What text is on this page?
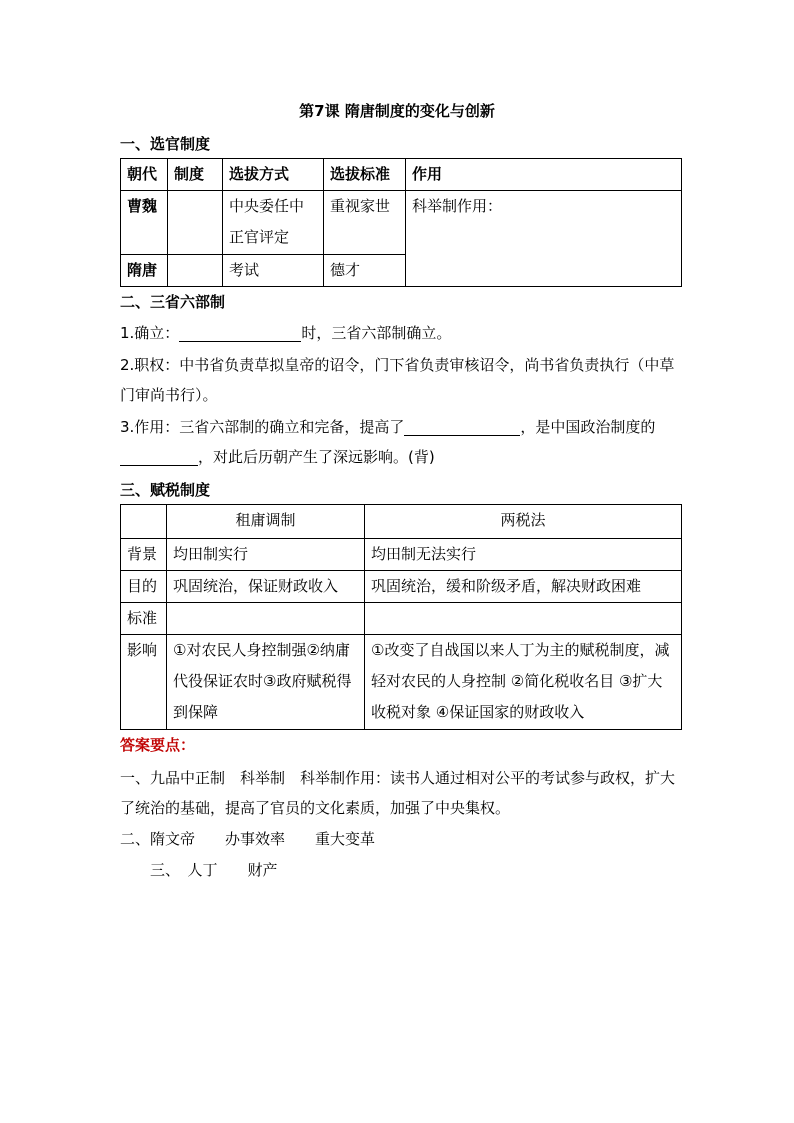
第7课 隋唐制度的变化与创新
一、选官制度
朝代	制度	选拔方式	选拔标准	作用
曹魏		中央委任中正官评定	重视家世	科举制作用：
隋唐		考试	德才	
二、三省六部制
1.确立：	时，三省六部制确立。
2.职权：中书省负责草拟皇帝的诏令，门下省负责审核诏令，尚书省负责执行（中草门审尚书行）。
3.作用：三省六部制的确立和完备，提高了	，是中国政治制度的，对此后历朝产生了深远影响。(背)
三、赋税制度
	租庸调制	两税法
背景	均田制实行	均田制无法实行
目的	巩固统治，保证财政收入	巩固统治，缓和阶级矛盾，解决财政困难
标准		
影响	①对农民人身控制强②纳庸代役保证农时③政府赋税得到保障	①改变了自战国以来人丁为主的赋税制度，减轻对农民的人身控制 ②简化税收名目 ③扩大收税对象 ④保证国家的财政收入
答案要点：
一、九品中正制　科举制　科举制作用：读书人通过相对公平的考试参与政权，扩大了统治的基础，提高了官员的文化素质，加强了中央集权。
二、隋文帝　　办事效率　　重大变革
三、　人丁　　财产
